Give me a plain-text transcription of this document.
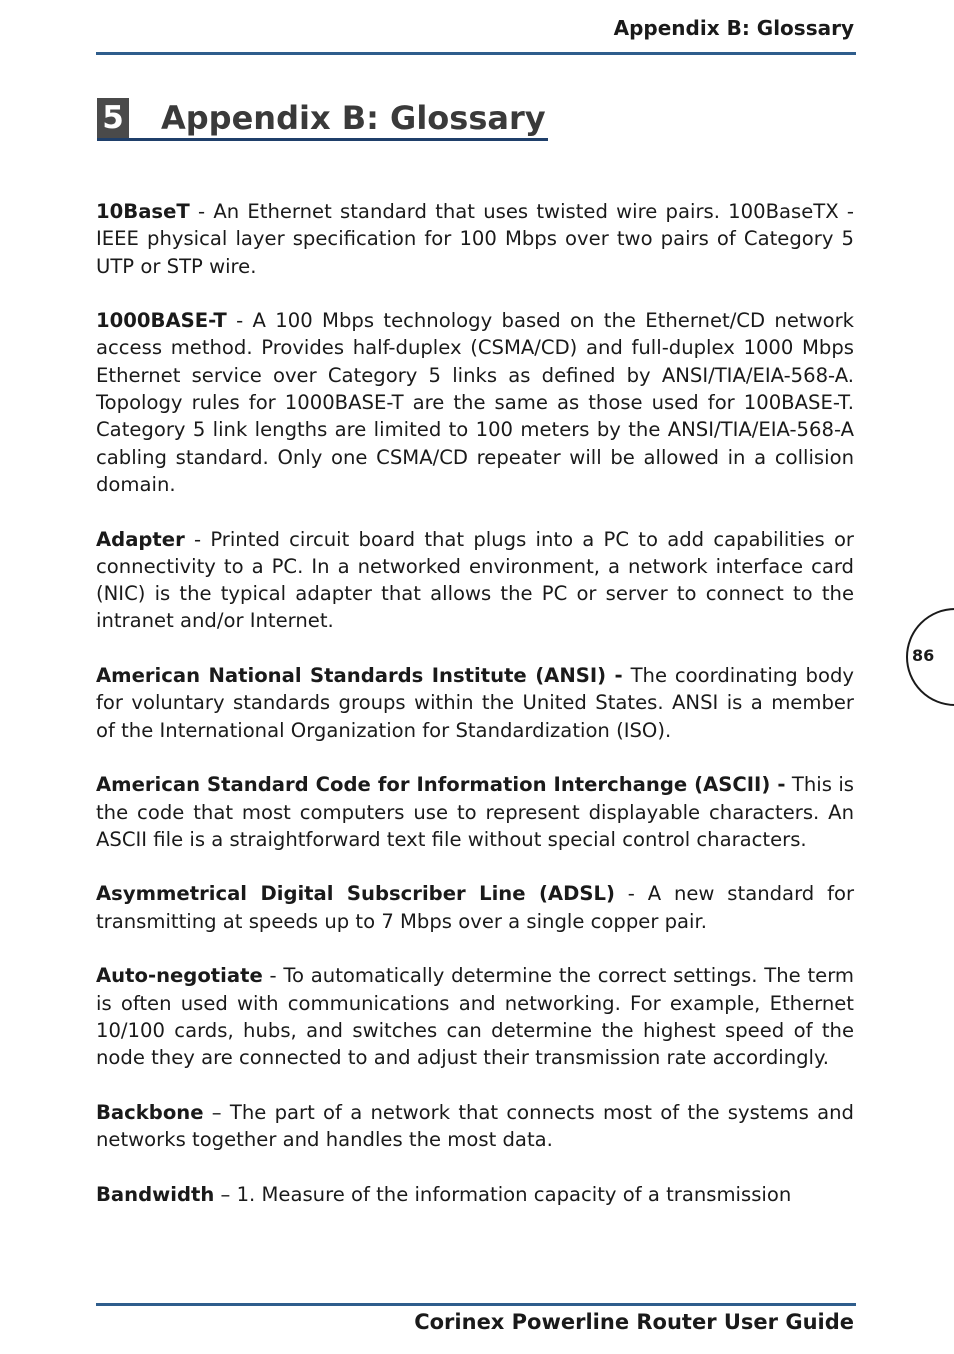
Appendix B: Glossary
5	Appendix B: Glossary

10BaseT - An Ethernet standard that uses twisted wire pairs. 100BaseTX - IEEE physical layer specification for 100 Mbps over two pairs of Category 5 UTP or STP wire.

1000BASE-T - A 100 Mbps technology based on the Ethernet/CD network access method. Provides half-duplex (CSMA/CD) and full-duplex 1000 Mbps Ethernet service over Category 5 links as defined by ANSI/TIA/EIA-568-A. Topology rules for 1000BASE-T are the same as those used for 100BASE-T. Category 5 link lengths are limited to 100 meters by the ANSI/TIA/EIA-568-A cabling standard. Only one CSMA/CD repeater will be allowed in a collision domain.

Adapter - Printed circuit board that plugs into a PC to add capabilities or connectivity to a PC. In a networked environment, a network interface card (NIC) is the typical adapter that allows the PC or server to connect to the intranet and/or Internet.

American National Standards Institute (ANSI) - The coordinating body for voluntary standards groups within the United States. ANSI is a member of the International Organization for Standardization (ISO).

American Standard Code for Information Interchange (ASCII) - This is the code that most computers use to represent displayable characters. An ASCII file is a straightforward text file without special control characters.

Asymmetrical Digital Subscriber Line (ADSL) - A new standard for transmitting at speeds up to 7 Mbps over a single copper pair.

Auto-negotiate - To automatically determine the correct settings. The term is often used with communications and networking. For example, Ethernet 10/100 cards, hubs, and switches can determine the highest speed of the node they are connected to and adjust their transmission rate accordingly.

Backbone – The part of a network that connects most of the systems and networks together and handles the most data.

Bandwidth – 1. Measure of the information capacity of a transmission

86
Corinex Powerline Router User Guide
